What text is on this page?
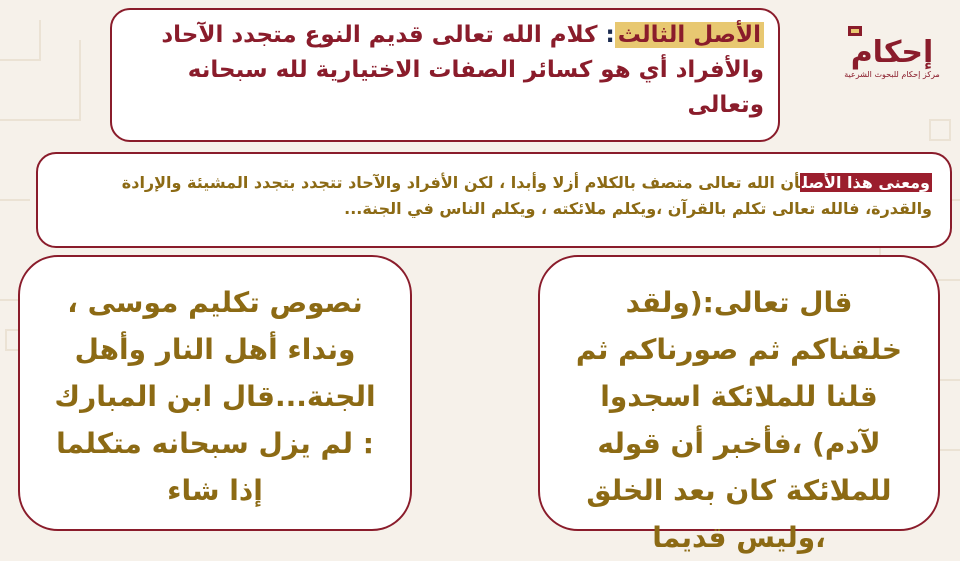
الأصل الثالث: كلام الله تعالى قديم النوع متجدد الآحاد والأفراد أي هو كسائر الصفات الاختيارية لله سبحانه وتعالى
ومعنى هذا الأصلأن الله تعالى متصف بالكلام أزلا وأبدا ، لكن الأفراد والآحاد تتجدد بتجدد المشيئة والإرادة والقدرة، فالله تعالى تكلم بالقرآن ،ويكلم ملائكته ، ويكلم الناس في الجنة...
قال تعالى:(ولقد خلقناكم ثم صورناكم ثم قلنا للملائكة اسجدوا لآدم) ،فأخبر أن قوله للملائكة كان بعد الخلق ،وليس قديما
نصوص تكليم موسى ، ونداء أهل النار وأهل الجنة...قال ابن المبارك : لم يزل سبحانه متكلما إذا شاء
إحكام
مركز إحكام للبحوث الشرعية
